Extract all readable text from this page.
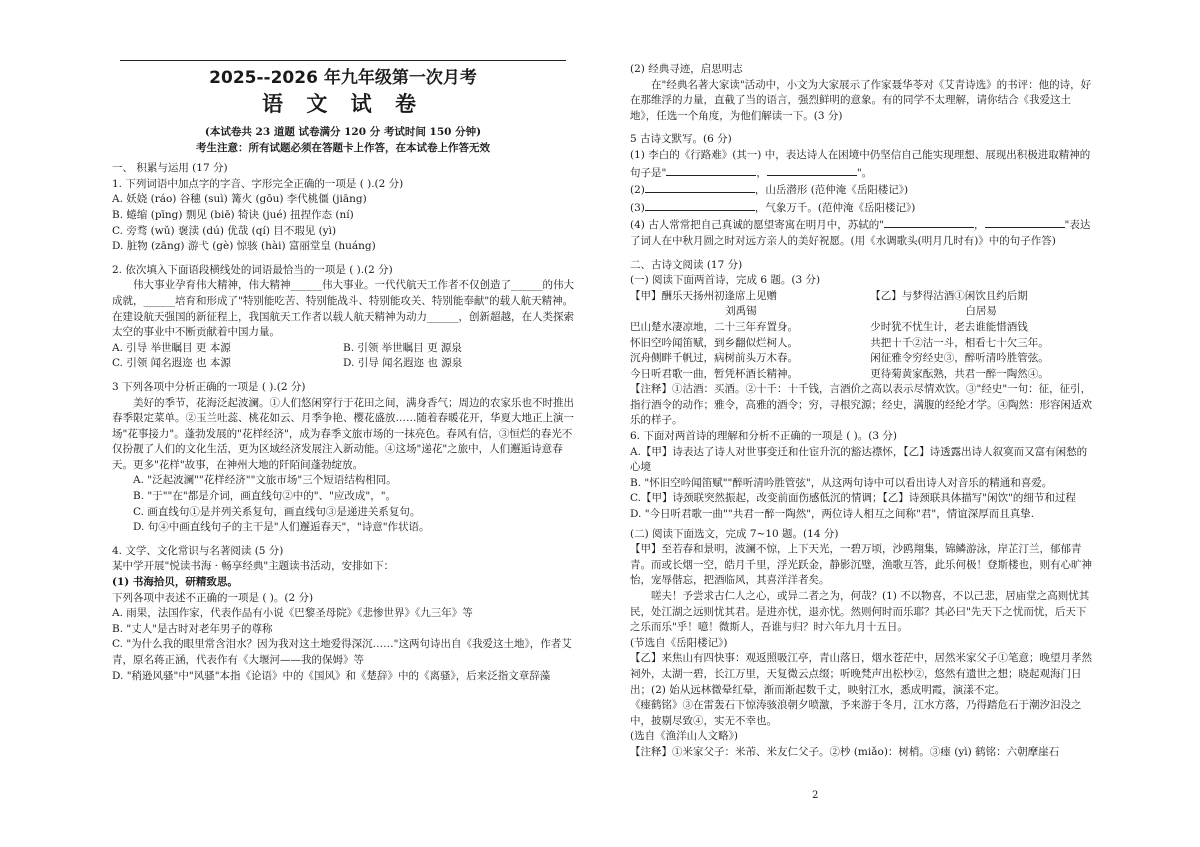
2025--2026 年九年级第一次月考
语 文 试 卷
(本试卷共 23 道题 试卷满分 120 分 考试时间 150 分钟)
考生注意：所有试题必须在答题卡上作答，在本试卷上作答无效

一、 积累与运用 (17 分)

1. 下列词语中加点字的字音、字形完全正确的一项是 ( ).(2 分)

A. 妖娆 (ráo) 谷穗 (suì) 篝火 (gōu) 李代桃僵 (jiāng)

B. 蜷缩 (pīng) 剽见 (biē) 犄诀 (jué) 扭捏作态 (ní)

C. 旁骛 (wǔ) 褒渎 (dú) 优哉 (qí) 目不瑕见 (yì)

D. 脏物 (zāng) 游弋 (gè) 惊骇 (hài) 富丽堂皇 (huáng)

2. 依次填入下面语段横线处的词语最恰当的一项是 ( ).(2 分)

伟大事业孕育伟大精神，伟大精神______伟大事业。一代代航天工作者不仅创造了______的伟大成就，______培育和形成了"特别能吃苦、特别能战斗、特别能攻关、特别能奉献"的载人航天精神。在建设航天强国的新征程上，我国航天工作者以载人航天精神为动力______，创新超越，在人类探索太空的事业中不断贡献着中国力量。

A. 引导 举世瞩目 更 本源	B. 引领 举世瞩目 更 源泉
C. 引领 闻名遐迩 也 本源	D. 引导 闻名遐迩 也 源泉

3 下列各项中分析正确的一项是 ( ).(2 分)

美好的季节，花海泛起波澜。①人们悠闲穿行于花田之间，满身香气；周边的农家乐也不时推出春季限定菜单。②玉兰吐蕊、桃花如云、月季争艳、樱花盛放……随着春暖花开，华夏大地正上演一场"花事接力"。蓬勃发展的"花样经济"，成为春季文旅市场的一抹亮色。春风有信，③恒烂的春光不仅扮靓了人们的文化生活，更为区域经济发展注入新动能。④这场"递花"之旅中，人们邂逅诗意春天。更多"花样"故事，在神州大地的阡陌间蓬勃绽放。

A. "泛起波澜""花样经济""文旅市场"三个短语结构相同。

B. "于""在"都是介词，画直线句②中的"、"应改成"，"。

C. 画直线句①是并列关系复句，画直线句③是递进关系复句。

D. 句④中画直线句子的主干是"人们邂逅春天"，"诗意"作状语。

4. 文学、文化常识与名著阅读 (5 分)

某中学开展"悦读书海 · 畅享经典"主题读书活动，安排如下：

(1) 书海拾贝，研精致思。

下列各项中表述不正确的一项是 ( )。(2 分)

A. 雨果，法国作家，代表作品有小说《巴黎圣母院》《悲惨世界》《九三年》等

B. "丈人"是古时对老年男子的尊称

C. "为什么我的眼里常含泪水？因为我对这土地爱得深沉……"这两句诗出自《我爱这土地》，作者艾青，原名蒋正涵，代表作有《大堰河——我的保姆》等

D. "稍逊风骚"中"风骚"本指《论语》中的《国风》和《楚辞》中的《离骚》，后来泛指文章辞藻

(2) 经典寻迹，启思明志

在"经典名著大家读"活动中，小文为大家展示了作家聂华苓对《艾青诗选》的书评：他的诗，好在那维浮的力量，直截了当的语言，强烈鲜明的意象。有的同学不太理解，请你结合《我爱这土地》，任选一个角度，为他们解读一下。(3 分)

5 古诗文默写。(6 分)

(1) 李白的《行路难》(其一) 中，表达诗人在困境中仍坚信自己能实现理想、展现出积极进取精神的句子是"	，	"。

(2)	，山岳潜形 (范仲淹《岳阳楼记》)

(3)	，气象万千。(范仲淹《岳阳楼记》)

(4) 古人常常把自己真诚的愿望寄寓在明月中，苏轼的"	，	"表达了词人在中秋月圆之时对远方亲人的美好祝愿。(用《水调歌头(明月几时有)》中的句子作答)

二、古诗文阅读 (17 分)

(一) 阅读下面两首诗，完成 6 题。(3 分)

【甲】酬乐天扬州初逢席上见赠

刘禹锡

巴山楚水凄凉地，二十三年弃置身。

怀旧空吟闻笛赋，到乡翻似烂柯人。

沉舟侧畔千帆过，病树前头万木春。

今日听君歌一曲，暂凭杯酒长精神。

【乙】与梦得沽酒①闲饮且约后期

白居易

少时犹不忧生计，老去谁能惜酒钱

共把十千②沽一斗，相看七十欠三年。

闲征雅令穷经史③，醉听清吟胜管弦。

更待菊黄家酝熟，共君一醉一陶然④。

【注释】①沽酒：买酒。②十千：十千钱，言酒价之高以表示尽情欢饮。③"经史"一句：征，征引，指行酒令的动作；雅令，高雅的酒令；穷，寻根究源；经史，满腹的经纶才学。④陶然：形容闲适欢乐的样子。

6. 下面对两首诗的理解和分析不正确的一项是 ( )。(3 分)

A.【甲】诗表达了诗人对世事变迁和仕宦升沉的豁达襟怀，【乙】诗透露出诗人叙寞而又富有闲愁的心境

B. "怀旧空吟闻笛赋""醉听清吟胜管弦"，从这两句诗中可以看出诗人对音乐的精通和喜爱。

C.【甲】诗颈联突然振起，改变前面伤感低沉的情调；【乙】诗颈联具体描写"闲饮"的细节和过程

D. "今日听君歌一曲""共君一醉一陶然"，两位诗人相互之间称"君"，情谊深厚而且真挚.

(二) 阅读下面选文，完成 7~10 题。(14 分)

【甲】至若春和景明，波澜不惊，上下天光，一碧万顷，沙鸥翔集，锦鳞游泳，岸芷汀兰，郁郁青青。而或长烟一空，皓月千里，浮光跃金，静影沉璧，渔歌互答，此乐何极！登斯楼也，则有心旷神怡，宠辱偕忘，把酒临风，其喜洋洋者矣。

嗟夫！予尝求古仁人之心，或异二者之为，何哉？(1) 不以物喜，不以己悲，居庙堂之高则忧其民，处江湖之远则忧其君。是进亦忧，退亦忧。然则何时而乐耶？其必曰"先天下之忧而忧，后天下之乐而乐"乎！噫！微斯人，吾谁与归？时六年九月十五日。

(节选自《岳阳楼记》)

【乙】来焦山有四快事：观返照吸江亭，青山落日，烟水苍茫中，居然米家父子①笔意；晚望月孝然祠外，太湖一碧，长江万里，天复微云点缀；听晚梵声出松杪②，悠然有遗世之想；晓起观海门日出；(2) 始从远林微晕红晕，渐而渐起数千丈，映射江水，悉成明霞，演漾不定。

《瘗鹤铭》③在雷轰石下惊涛骇浪朝夕喷激，予来游于冬月，江水方落，乃得踏危石于潮汐汩没之中，披剔尽致④，实无不幸也。

(选自《渔洋山人文略》)

【注释】①米家父子：米芾、米友仁父子。②杪 (miǎo)：树梢。③瘗 (yì) 鹤铭：六朝摩崖石

2
